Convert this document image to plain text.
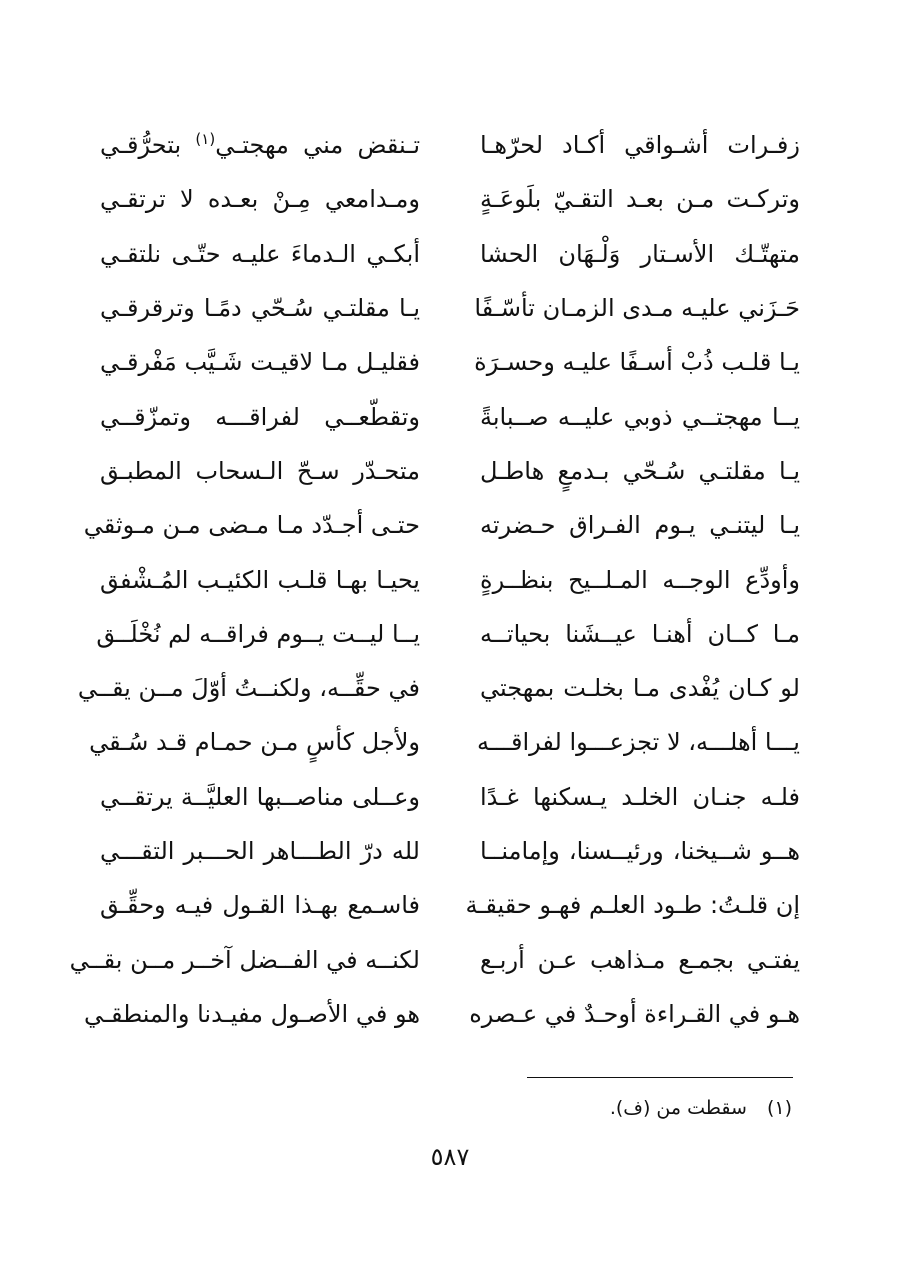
زفـرات أشـواقي أكـاد لحرّهـا
تـنقض مني مهجتـي$^{(١)}$ بتحرُّقـي
وتركـت مـن بعـد التقـيّ بلَوعَـةٍ
ومـدامعي مِـنْ بعـده لا ترتقـي
متهتّـك الأسـتار وَلْـهَان الحشا
أبكـي الـدماءَ عليـه حتّـى نلتقـي
حَـزَني عليـه مـدى الزمـان تأسّـفًا
يـا مقلتـي سُـحّي دمًـا وترقرقـي
يـا قلـب ذُبْ أسـفًا عليـه وحسـرَة
فقليـل مـا لاقيـت شَـيَّب مَفْرقـي
يــا مهجتــي ذوبي عليــه صــبابةً
وتقطّعــي لفراقـــه وتمزّقــي
يـا مقلتـي سُـحّي بـدمعٍ هاطـل
متحـدّر سـحّ الـسحاب المطبـق
يـا ليتنـي يـوم الفـراق حـضرته
حتـى أجـدّد مـا مـضى مـن مـوثقي
وأودِّع الوجــه المـلــيح بنظــرةٍ
يحيـا بهـا قلـب الكئيـب المُـشْفق
مـا كــان أهنـا عيــشَنا بحياتــه
يــا ليــت يــوم فراقــه لم نُخْلَــق
لو كـان يُفْدى مـا بخلـت بمهجتي
في حقِّــه، ولكنــتُ أوّلَ مــن يقــي
يـــا أهلـــه، لا تجزعـــوا لفراقـــه
ولأجل كأسٍ مـن حمـام قـد سُـقي
فلـه جنـان الخلـد يـسكنها غـدًا
وعــلى مناصــبها العليَّــة يرتقــي
هــو شــيخنا، ورئيــسنا، وإمامنــا
لله درّ الطـــاهر الحـــبر التقـــي
إن قلـتُ: طـود العلـم فهـو حقيقـة
فاسـمع بهـذا القـول فيـه وحقِّـق
يفتـي بجمـع مـذاهب عـن أربـع
لكنــه في الفــضل آخــر مــن بقــي
هـو في القـراءة أوحـدٌ في عـصره
هو في الأصـول مفيـدنا والمنطقـي
(١) سقطت من (ف).
٥٨٧
